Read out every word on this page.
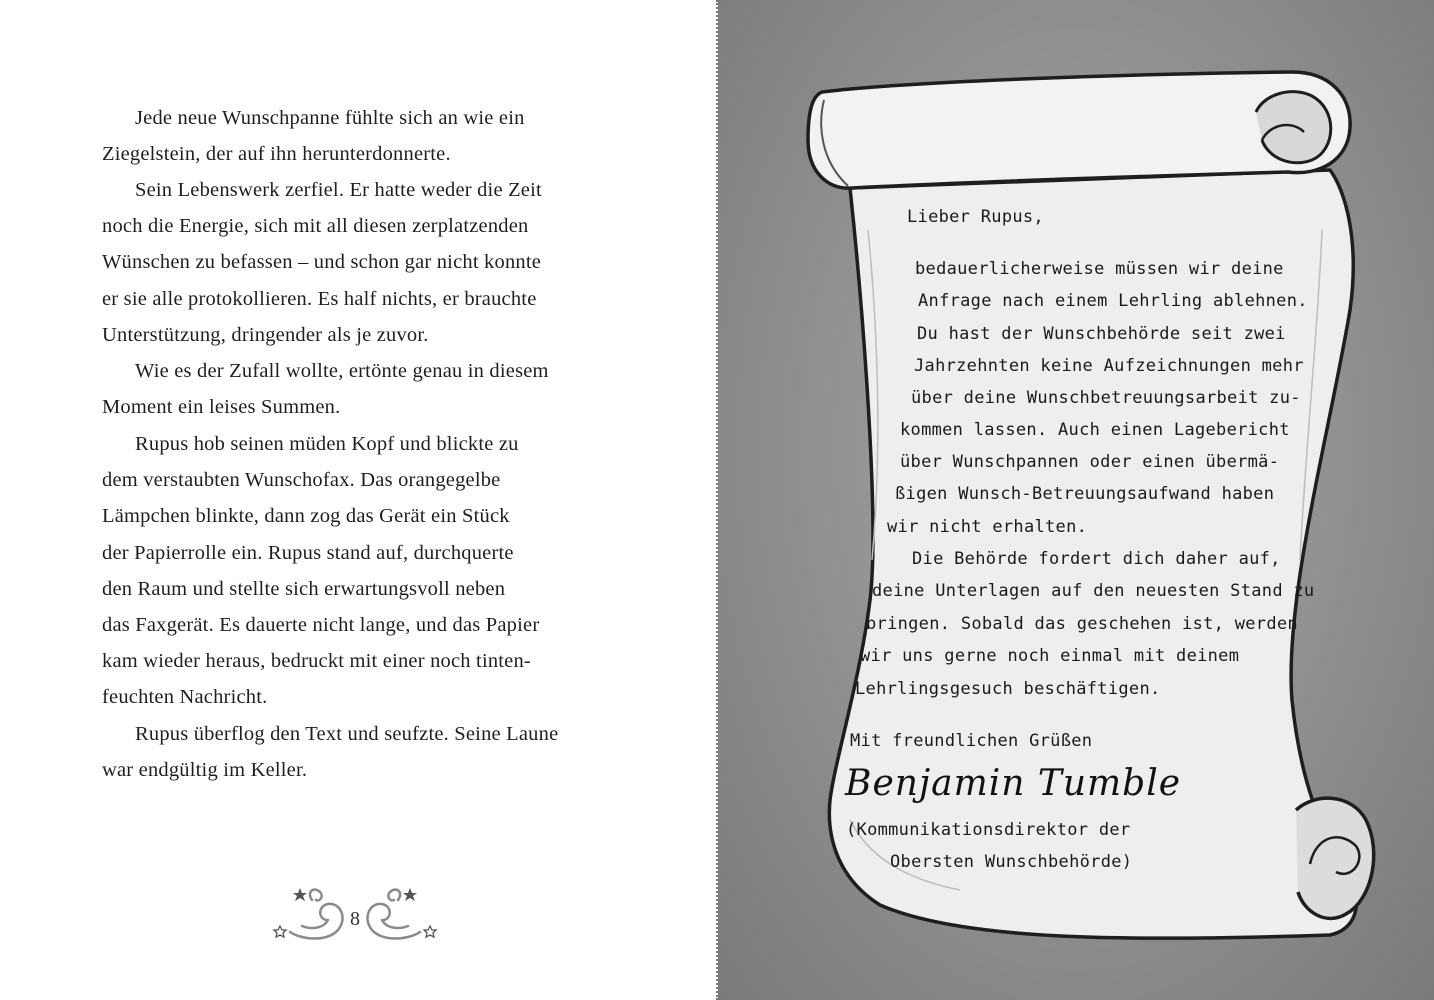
Jede neue Wunschpanne fühlte sich an wie ein
Ziegelstein, der auf ihn herunterdonnerte.

Sein Lebenswerk zerfiel. Er hatte weder die Zeit
noch die Energie, sich mit all diesen zerplatzenden
Wünschen zu befassen – und schon gar nicht konnte
er sie alle protokollieren. Es half nichts, er brauchte
Unterstützung, dringender als je zuvor.

Wie es der Zufall wollte, ertönte genau in diesem
Moment ein leises Summen.

Rupus hob seinen müden Kopf und blickte zu
dem verstaubten Wunschofax. Das orangegelbe
Lämpchen blinkte, dann zog das Gerät ein Stück
der Papierrolle ein. Rupus stand auf, durchquerte
den Raum und stellte sich erwartungsvoll neben
das Faxgerät. Es dauerte nicht lange, und das Papier
kam wieder heraus, bedruckt mit einer noch tinten-
feuchten Nachricht.

Rupus überflog den Text und seufzte. Seine Laune
war endgültig im Keller.

8

Lieber Rupus,

bedauerlicherweise müssen wir deine

Anfrage nach einem Lehrling ablehnen.

Du hast der Wunschbehörde seit zwei

Jahrzehnten keine Aufzeichnungen mehr

über deine Wunschbetreuungsarbeit zu-

kommen lassen. Auch einen Lagebericht

über Wunschpannen oder einen übermä-

ßigen Wunsch-Betreuungsaufwand haben

wir nicht erhalten.

Die Behörde fordert dich daher auf,

deine Unterlagen auf den neuesten Stand zu

bringen. Sobald das geschehen ist, werden

wir uns gerne noch einmal mit deinem

Lehrlingsgesuch beschäftigen.

Mit freundlichen Grüßen

Benjamin Tumble

(Kommunikationsdirektor der

Obersten Wunschbehörde)
